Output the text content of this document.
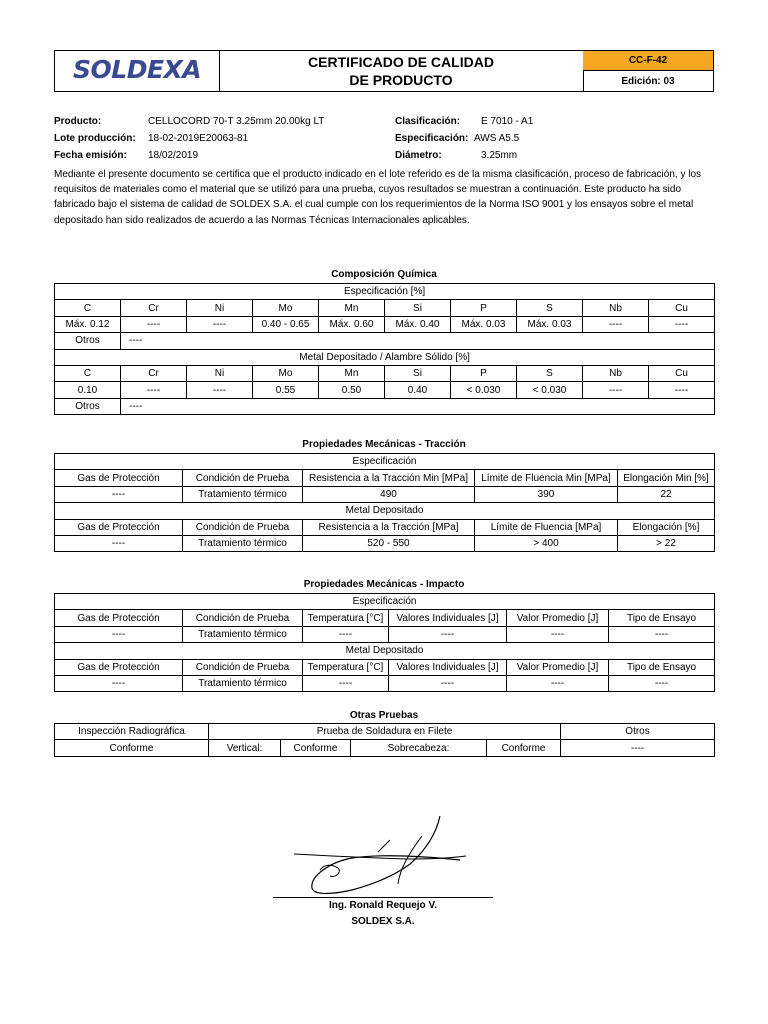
SOLDEXA	CERTIFICADO DE CALIDAD
DE PRODUCTO
CC-F-42
Edición: 03
Producto:	CELLOCORD 70-T 3.25mm 20.00kg LT
Lote producción: 18-02-2019E20063-81
Fecha emisión: 18/02/2019
Clasificación: E 7010 - A1
Especificación: AWS A5.5
Diámetro:	3.25mm

Mediante el presente documento se certifica que el producto indicado en el lote referido es de la misma clasificación, proceso de fabricación, y los requisitos de materiales como el material que se utilizó para una prueba, cuyos resultados se muestran a continuación. Este producto ha sido fabricado bajo el sistema de calidad de SOLDEX S.A. el cual cumple con los requerimientos de la Norma ISO 9001 y los ensayos sobre el metal depositado han sido realizados de acuerdo a las Normas Técnicas Internacionales aplicables.

Composición Química
Especificación [%]									
C	Cr	Ni	Mo	Mn	Si	P	S	Nb	Cu
Máx. 0.12	----	----	0.40 - 0.65	Máx. 0.60	Máx. 0.40	Máx. 0.03	Máx. 0.03	----	----
Otros	----								
Metal Depositado / Alambre Sólido [%]									
C	Cr	Ni	Mo	Mn	Si	P	S	Nb	Cu
0.10	----	----	0.55	0.50	0.40	< 0.030	< 0.030	----	----
Otros	----								
Propiedades Mecánicas - Tracción
Especificación				
Gas de Protección	Condición de Prueba	Resistencia a la Tracción Min [MPa]	Límite de Fluencia Min [MPa]	Elongación Min [%]
----	Tratamiento térmico	490	390	22
Metal Depositado				
Gas de Protección	Condición de Prueba	Resistencia a la Tracción [MPa]	Límite de Fluencia [MPa]	Elongación [%]
----	Tratamiento térmico	520 - 550	> 400	> 22
Propiedades Mecánicas - Impacto
Especificación					
Gas de Protección	Condición de Prueba	Temperatura [°C]	Valores Individuales [J]	Valor Promedio [J]	Tipo de Ensayo
----	Tratamiento térmico	----	----	----	----
Metal Depositado					
Gas de Protección	Condición de Prueba	Temperatura [°C]	Valores Individuales [J]	Valor Promedio [J]	Tipo de Ensayo
----	Tratamiento térmico	----	----	----	----
Otras Pruebas
Inspección Radiográfica	Prueba de Soldadura en Filete				Otros
Conforme	Vertical:	Conforme	Sobrecabeza:	Conforme	----
Ing. Ronald Requejo V.
SOLDEX S.A.
